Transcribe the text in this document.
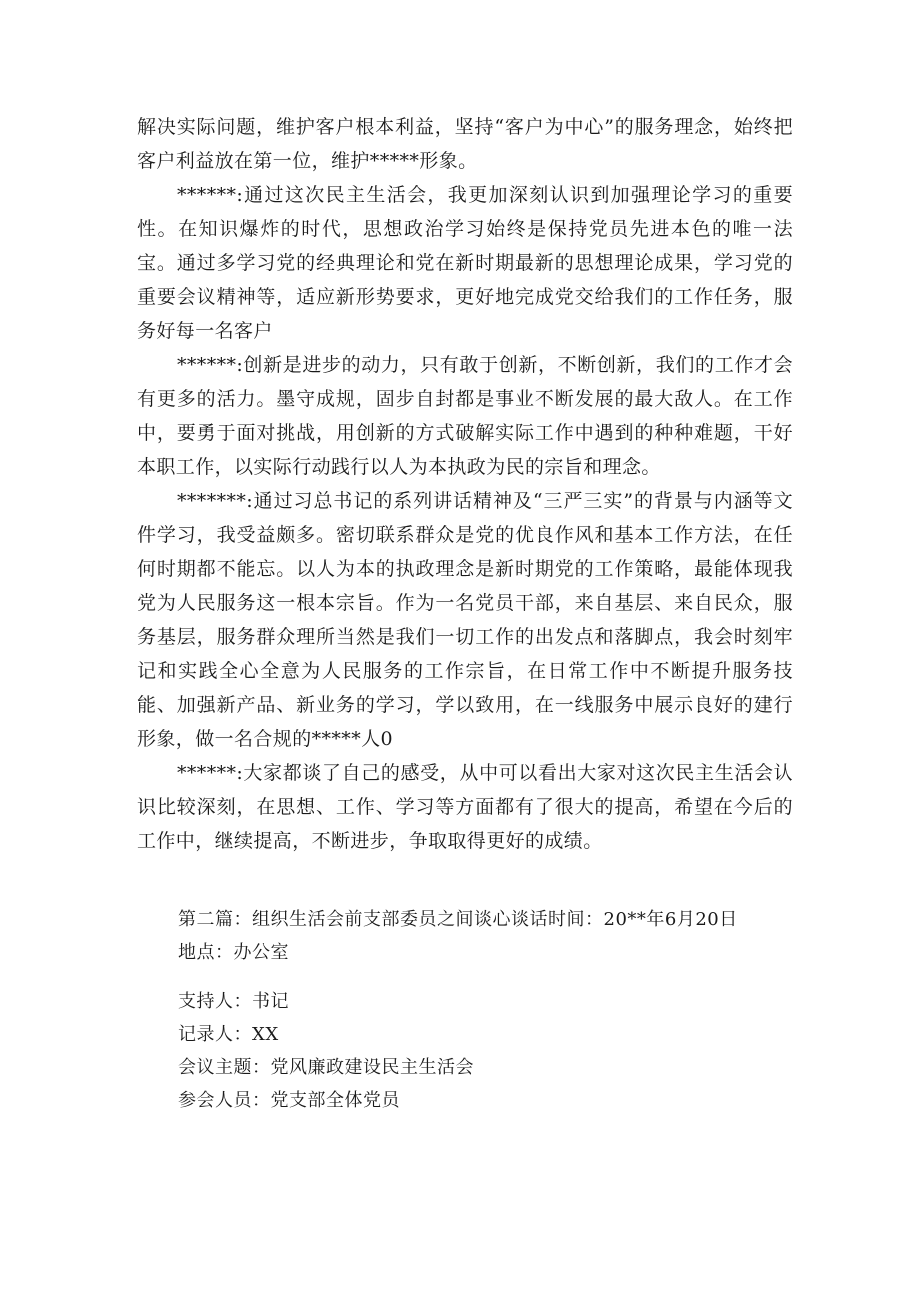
解决实际问题，维护客户根本利益，坚持“客户为中心”的服务理念，始终把客户利益放在第一位，维护*****形象。

******:通过这次民主生活会，我更加深刻认识到加强理论学习的重要性。在知识爆炸的时代，思想政治学习始终是保持党员先进本色的唯一法宝。通过多学习党的经典理论和党在新时期最新的思想理论成果，学习党的重要会议精神等，适应新形势要求，更好地完成党交给我们的工作任务，服务好每一名客户

******:创新是进步的动力，只有敢于创新，不断创新，我们的工作才会有更多的活力。墨守成规，固步自封都是事业不断发展的最大敌人。在工作中，要勇于面对挑战，用创新的方式破解实际工作中遇到的种种难题，干好本职工作，以实际行动践行以人为本执政为民的宗旨和理念。

*******:通过习总书记的系列讲话精神及“三严三实”的背景与内涵等文件学习，我受益颇多。密切联系群众是党的优良作风和基本工作方法，在任何时期都不能忘。以人为本的执政理念是新时期党的工作策略，最能体现我党为人民服务这一根本宗旨。作为一名党员干部，来自基层、来自民众，服务基层，服务群众理所当然是我们一切工作的出发点和落脚点，我会时刻牢记和实践全心全意为人民服务的工作宗旨，在日常工作中不断提升服务技能、加强新产品、新业务的学习，学以致用，在一线服务中展示良好的建行形象，做一名合规的*****人0

******:大家都谈了自己的感受，从中可以看出大家对这次民主生活会认识比较深刻，在思想、工作、学习等方面都有了很大的提高，希望在今后的工作中，继续提高，不断进步，争取取得更好的成绩。

第二篇：组织生活会前支部委员之间谈心谈话时间：20**年6月20日

地点：办公室

支持人：书记

记录人：XX

会议主题：党风廉政建设民主生活会

参会人员：党支部全体党员
